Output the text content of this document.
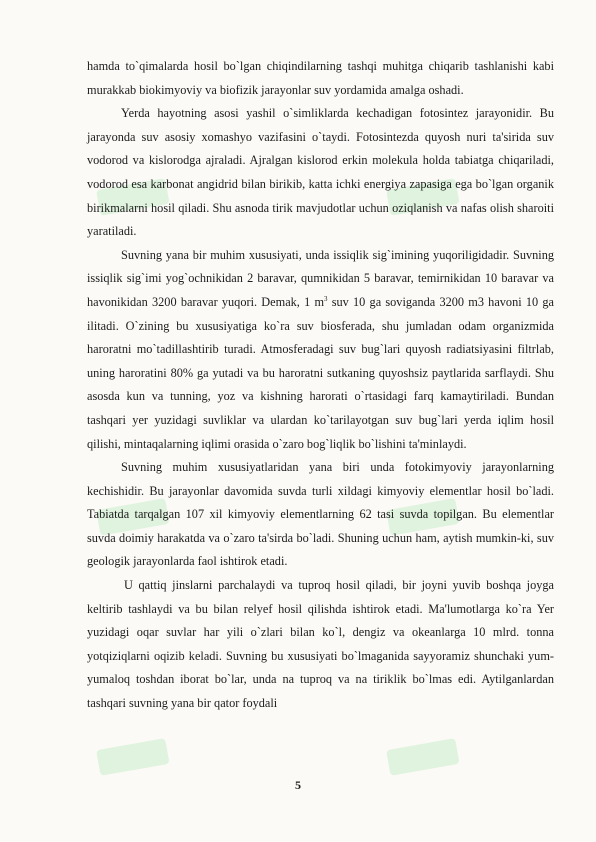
hamda to`qimalarda hosil bo`lgan chiqindilarning tashqi muhitga chiqarib tashlanishi kabi murakkab biokimyoviy va biofizik jarayonlar suv yordamida amalga oshadi.

Yerda hayotning asosi yashil o`simliklarda kechadigan fotosintez jarayonidir. Bu jarayonda suv asosiy xomashyo vazifasini o`taydi. Fotosintezda quyosh nuri ta'sirida suv vodorod va kislorodga ajraladi. Ajralgan kislorod erkin molekula holda tabiatga chiqariladi, vodorod esa karbonat angidrid bilan birikib, katta ichki energiya zapasiga ega bo`lgan organik birikmalarni hosil qiladi. Shu asnoda tirik mavjudotlar uchun oziqlanish va nafas olish sharoiti yaratiladi.

Suvning yana bir muhim xususiyati, unda issiqlik sig`imining yuqoriligidadir. Suvning issiqlik sig`imi yog`ochnikidan 2 baravar, qumnikidan 5 baravar, temirnikidan 10 baravar va havonikidan 3200 baravar yuqori. Demak, 1 $m^3$ suv 10 ga soviganda 3200 m3 havoni 10 ga ilitadi. O`zining bu xususiyatiga ko`ra suv biosferada, shu jumladan odam organizmida haroratni mo`tadillashtirib turadi. Atmosferadagi suv bug`lari quyosh radiatsiyasini filtrlab, uning haroratini 80% ga yutadi va bu haroratni sutkaning quyoshsiz paytlarida sarflaydi. Shu asosda kun va tunning, yoz va kishning harorati o`rtasidagi farq kamaytiriladi. Bundan tashqari yer yuzidagi suvliklar va ulardan ko`tarilayotgan suv bug`lari yerda iqlim hosil qilishi, mintaqalarning iqlimi orasida o`zaro bog`liqlik bo`lishini ta'minlaydi.

Suvning muhim xususiyatlaridan yana biri unda fotokimyoviy jarayonlarning kechishidir. Bu jarayonlar davomida suvda turli xildagi kimyoviy elementlar hosil bo`ladi. Tabiatda tarqalgan 107 xil kimyoviy elementlarning 62 tasi suvda topilgan. Bu elementlar suvda doimiy harakatda va o`zaro ta'sirda bo`ladi. Shuning uchun ham, aytish mumkin-ki, suv geologik jarayonlarda faol ishtirok etadi.

U qattiq jinslarni parchalaydi va tuproq hosil qiladi, bir joyni yuvib boshqa joyga keltirib tashlaydi va bu bilan relyef hosil qilishda ishtirok etadi. Ma'lumotlarga ko`ra Yer yuzidagi oqar suvlar har yili o`zlari bilan ko`l, dengiz va okeanlarga 10 mlrd. tonna yotqiziqlarni oqizib keladi. Suvning bu xususiyati bo`lmaganida sayyoramiz shunchaki yum-yumaloq toshdan iborat bo`lar, unda na tuproq va na tiriklik bo`lmas edi. Aytilganlardan tashqari suvning yana bir qator foydali

5
